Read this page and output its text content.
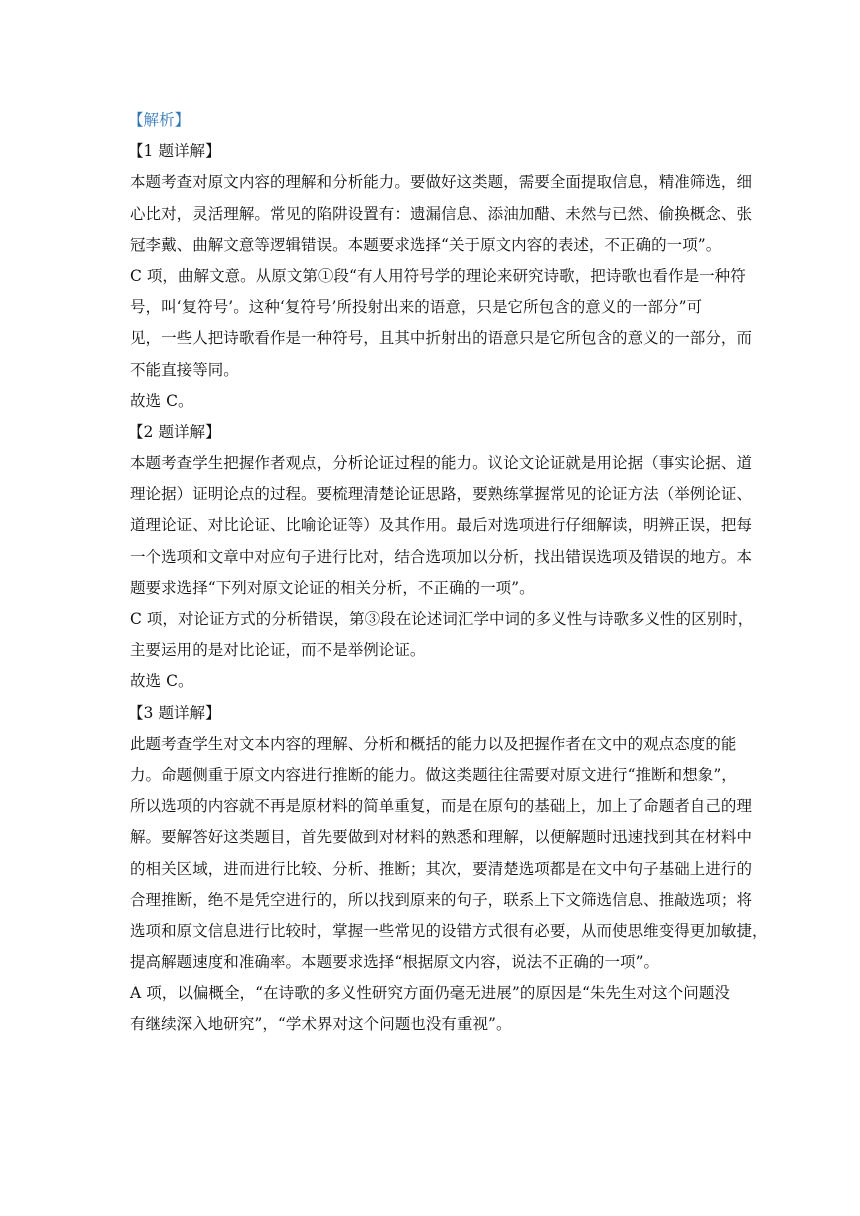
【解析】
【1 题详解】
本题考查对原文内容的理解和分析能力。要做好这类题，需要全面提取信息，精准筛选，细
心比对，灵活理解。常见的陷阱设置有：遗漏信息、添油加醋、未然与已然、偷换概念、张
冠李戴、曲解文意等逻辑错误。本题要求选择“关于原文内容的表述，不正确的一项”。
C 项，曲解文意。从原文第①段“有人用符号学的理论来研究诗歌，把诗歌也看作是一种符
号，叫‘复符号’。这种‘复符号’所投射出来的语意，只是它所包含的意义的一部分”可
见，一些人把诗歌看作是一种符号，且其中折射出的语意只是它所包含的意义的一部分，而
不能直接等同。
故选 C。
【2 题详解】
本题考查学生把握作者观点，分析论证过程的能力。议论文论证就是用论据（事实论据、道
理论据）证明论点的过程。要梳理清楚论证思路，要熟练掌握常见的论证方法（举例论证、
道理论证、对比论证、比喻论证等）及其作用。最后对选项进行仔细解读，明辨正误，把每
一个选项和文章中对应句子进行比对，结合选项加以分析，找出错误选项及错误的地方。本
题要求选择“下列对原文论证的相关分析，不正确的一项”。
C 项，对论证方式的分析错误，第③段在论述词汇学中词的多义性与诗歌多义性的区别时，
主要运用的是对比论证，而不是举例论证。
故选 C。
【3 题详解】
此题考查学生对文本内容的理解、分析和概括的能力以及把握作者在文中的观点态度的能
力。命题侧重于原文内容进行推断的能力。做这类题往往需要对原文进行“推断和想象”，
所以选项的内容就不再是原材料的简单重复，而是在原句的基础上，加上了命题者自己的理
解。要解答好这类题目，首先要做到对材料的熟悉和理解，以便解题时迅速找到其在材料中
的相关区域，进而进行比较、分析、推断；其次，要清楚选项都是在文中句子基础上进行的
合理推断，绝不是凭空进行的，所以找到原来的句子，联系上下文筛选信息、推敲选项；将
选项和原文信息进行比较时，掌握一些常见的设错方式很有必要，从而使思维变得更加敏捷，
提高解题速度和准确率。本题要求选择“根据原文内容，说法不正确的一项”。
A 项，以偏概全，“在诗歌的多义性研究方面仍毫无进展”的原因是“朱先生对这个问题没
有继续深入地研究”，“学术界对这个问题也没有重视”。
